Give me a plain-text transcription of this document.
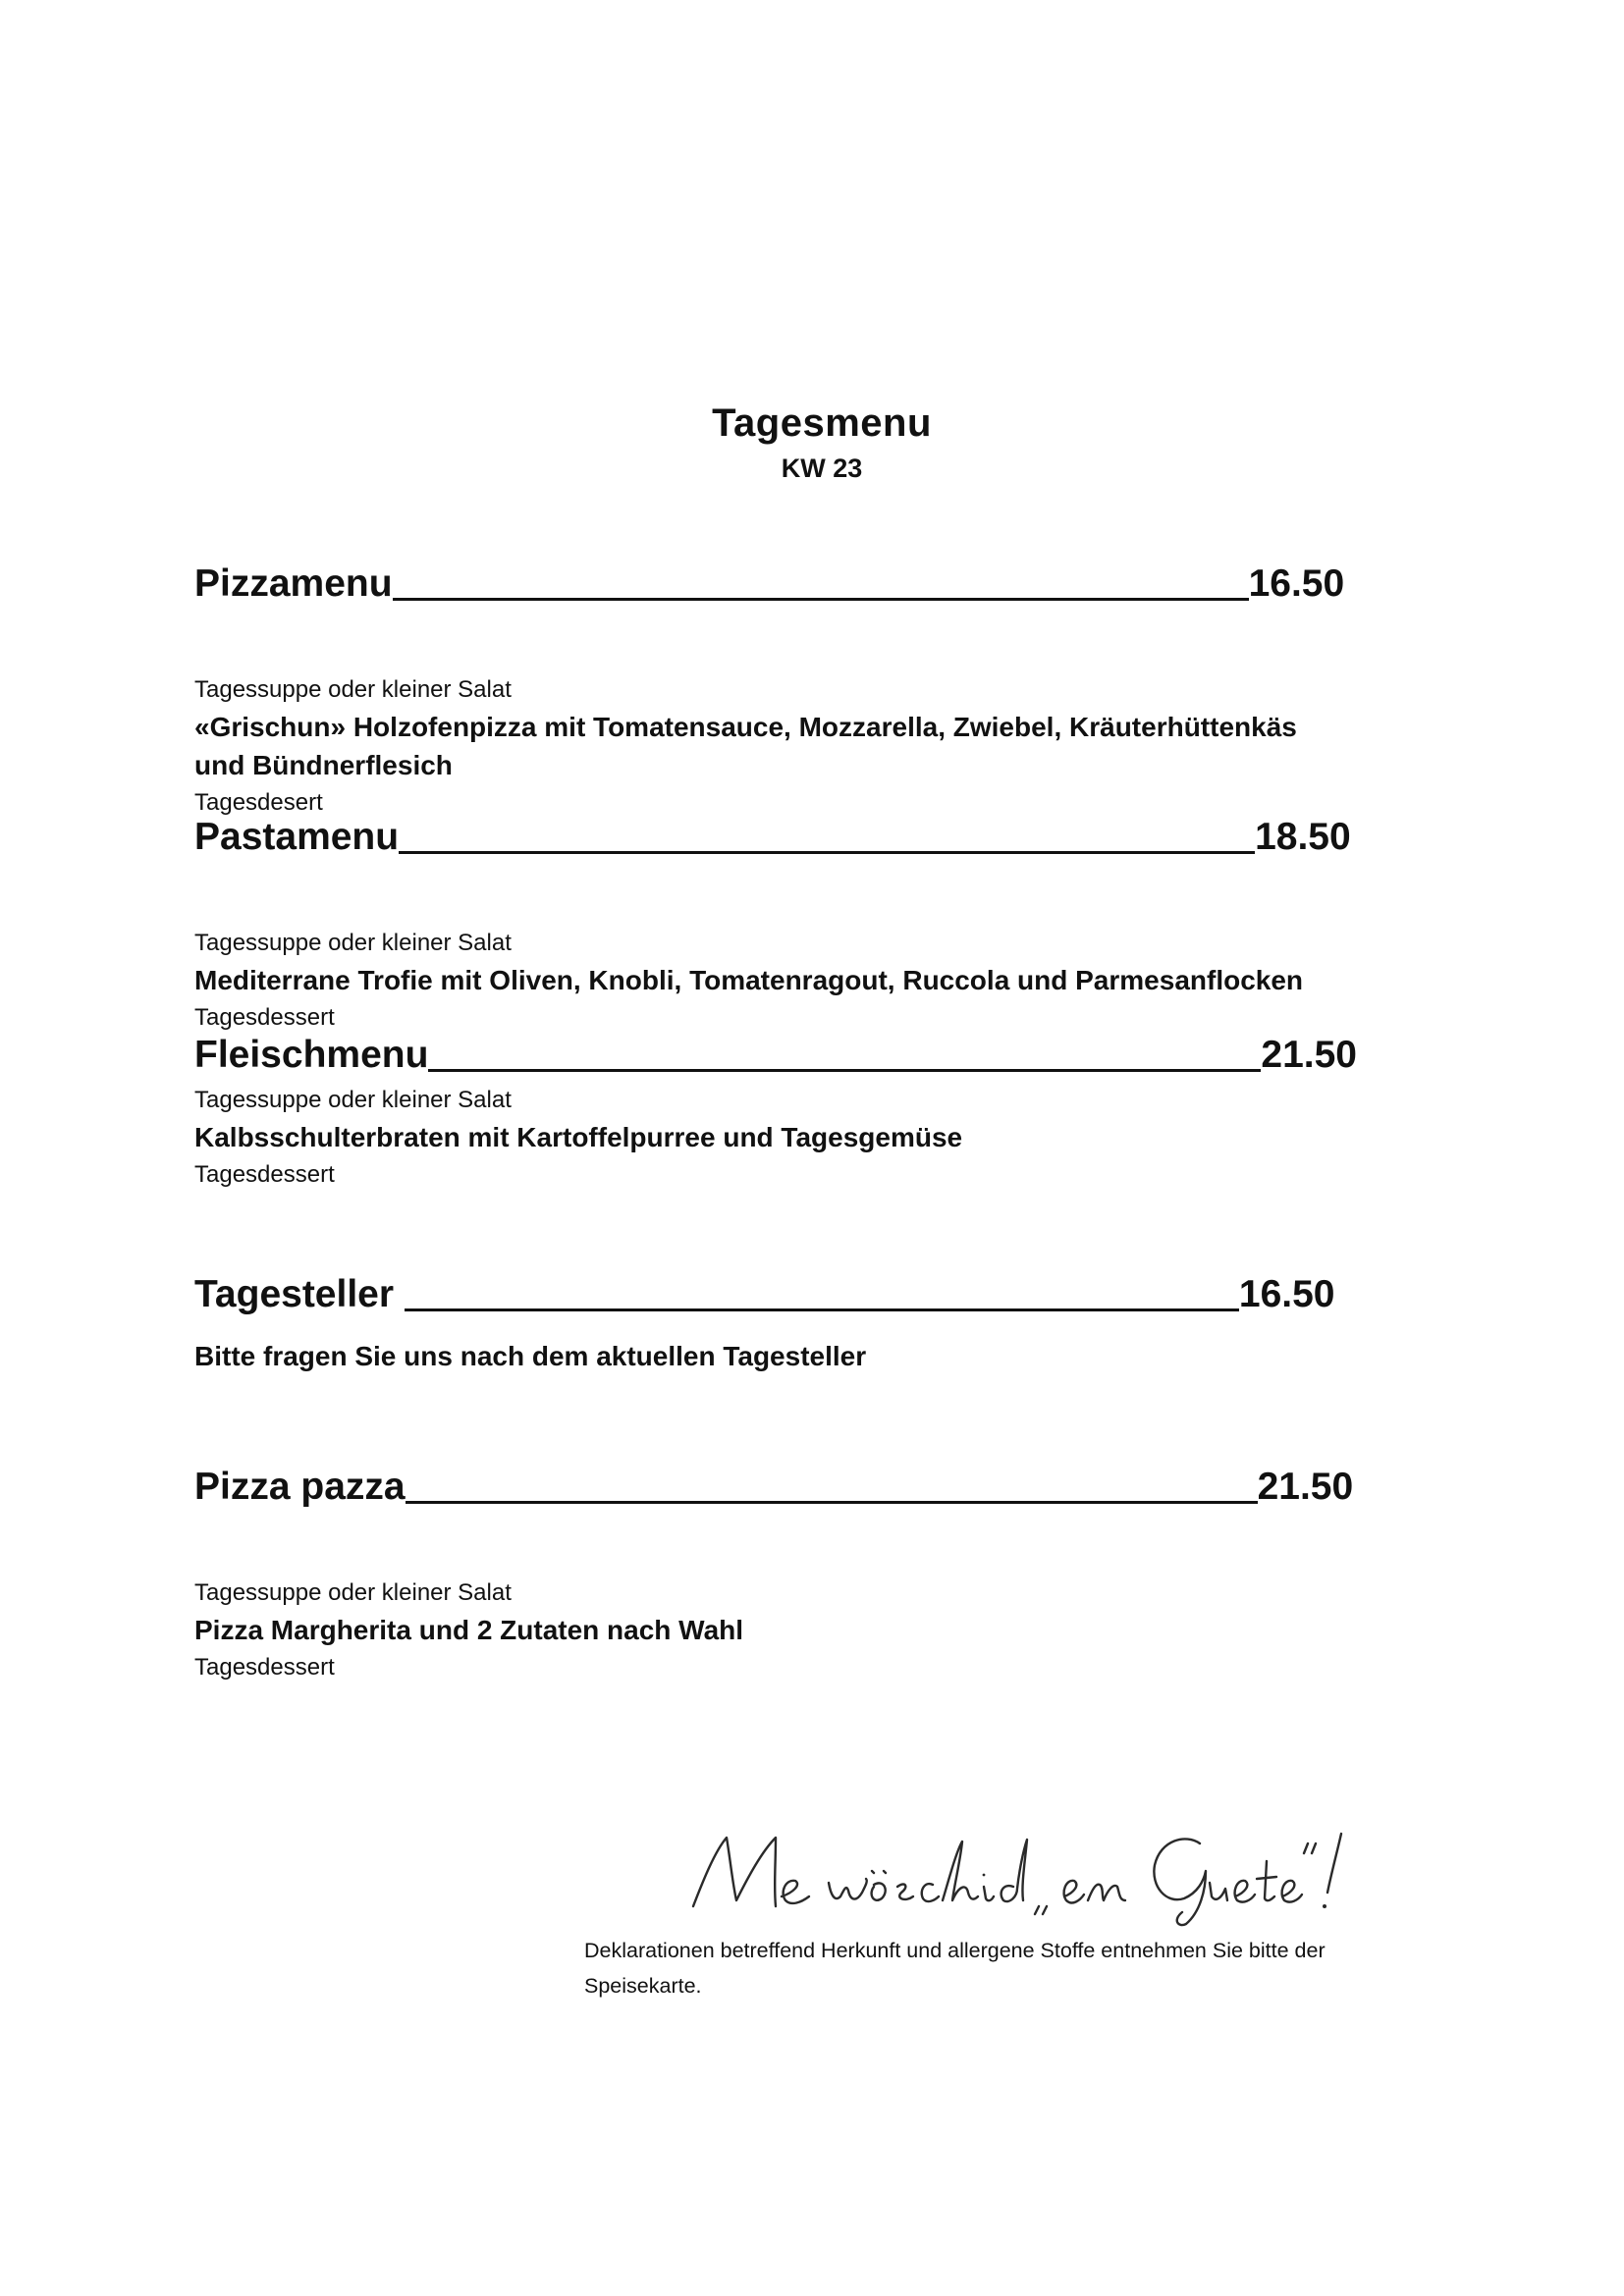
Tagesmenu
KW 23
Pizzamenu	16.50
Tagessuppe oder kleiner Salat
«Grischun» Holzofenpizza mit Tomatensauce, Mozzarella, Zwiebel, Kräuterhüttenkäs
und Bündnerflesich
Tagesdesert
Pastamenu	18.50
Tagessuppe oder kleiner Salat
Mediterrane Trofie mit Oliven, Knobli, Tomatenragout, Ruccola und Parmesanflocken
Tagesdessert
Fleischmenu	21.50
Tagessuppe oder kleiner Salat
Kalbsschulterbraten mit Kartoffelpurree und Tagesgemüse
Tagesdessert
Tagesteller	16.50
Bitte fragen Sie uns nach dem aktuellen Tagesteller
Pizza pazza	21.50
Tagessuppe oder kleiner Salat
Pizza Margherita und 2 Zutaten nach Wahl
Tagesdessert
Deklarationen betreffend Herkunft und allergene Stoffe entnehmen Sie bitte der
Speisekarte.
